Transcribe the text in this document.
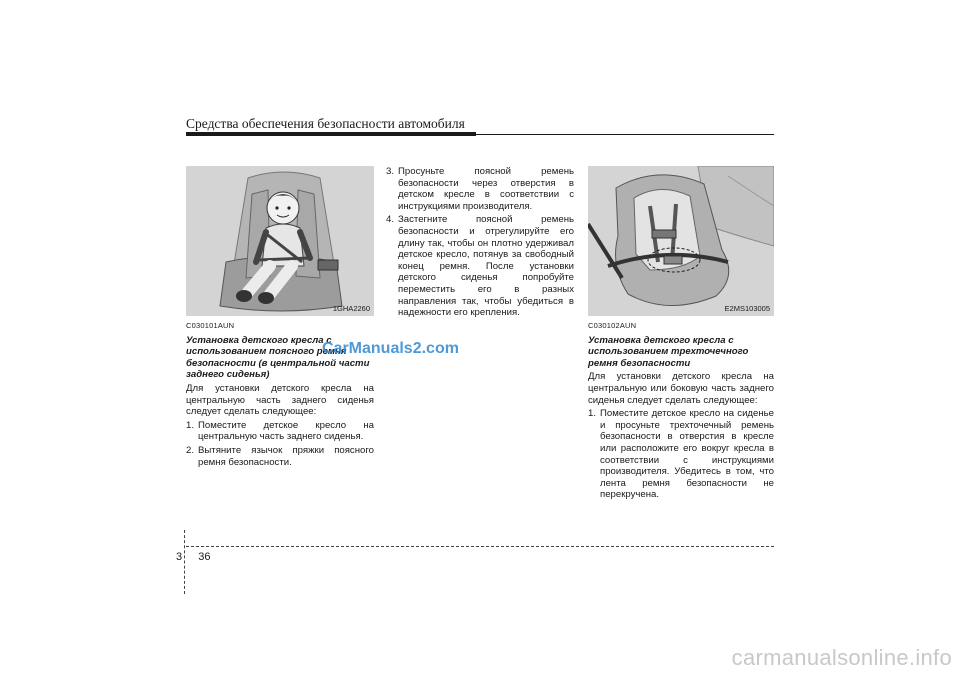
Средства обеспечения безопасности автомобиля
1GHA2260	E2MS103005
C030101AUN
Установка детского кресла с использованием поясного ремня безопасности (в центральной части заднего сиденья)
Для установки детского кресла на центральную часть заднего сиденья следует сделать следующее:
1. Поместите детское кресло на центральную часть заднего сиденья.
2. Вытяните язычок пряжки поясного ремня безопасности.
3. Просуньте поясной ремень безопасности через отверстия в детском кресле в соответствии с инструкциями производителя.
4. Застегните поясной ремень безопасности и отрегулируйте его длину так, чтобы он плотно удерживал детское кресло, потянув за свободный конец ремня. После установки детского сиденья попробуйте переместить его в разных направления так, чтобы убедиться в надежности его крепления.
C030102AUN
Установка детского кресла с использованием трехточечного ремня безопасности
Для установки детского кресла на центральную или боковую часть заднего сиденья следует сделать следующее:
1. Поместите детское кресло на сиденье и просуньте трехточечный ремень безопасности в отверстия в кресле или расположите его вокруг кресла в соответствии с инструкциями производителя. Убедитесь в том, что лента ремня безопасности не перекручена.
CarManuals2.com
3 36
carmanualsonline.info
